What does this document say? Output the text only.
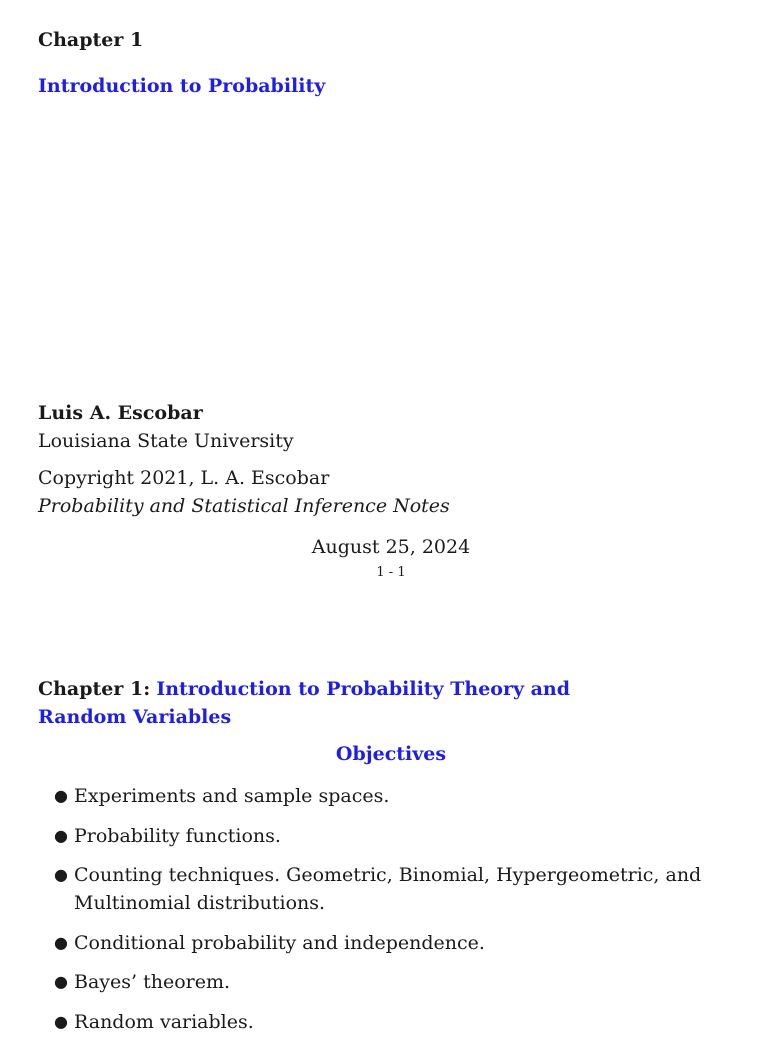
Chapter 1
Introduction to Probability
Luis A. Escobar
Louisiana State University
Copyright 2021, L. A. Escobar
Probability and Statistical Inference Notes
August 25, 2024
1 - 1
Chapter 1: Introduction to Probability Theory and Random Variables
Objectives
● Experiments and sample spaces.
● Probability functions.
● Counting techniques. Geometric, Binomial, Hypergeometric, and Multinomial distributions.
● Conditional probability and independence.
● Bayes’ theorem.
● Random variables.
